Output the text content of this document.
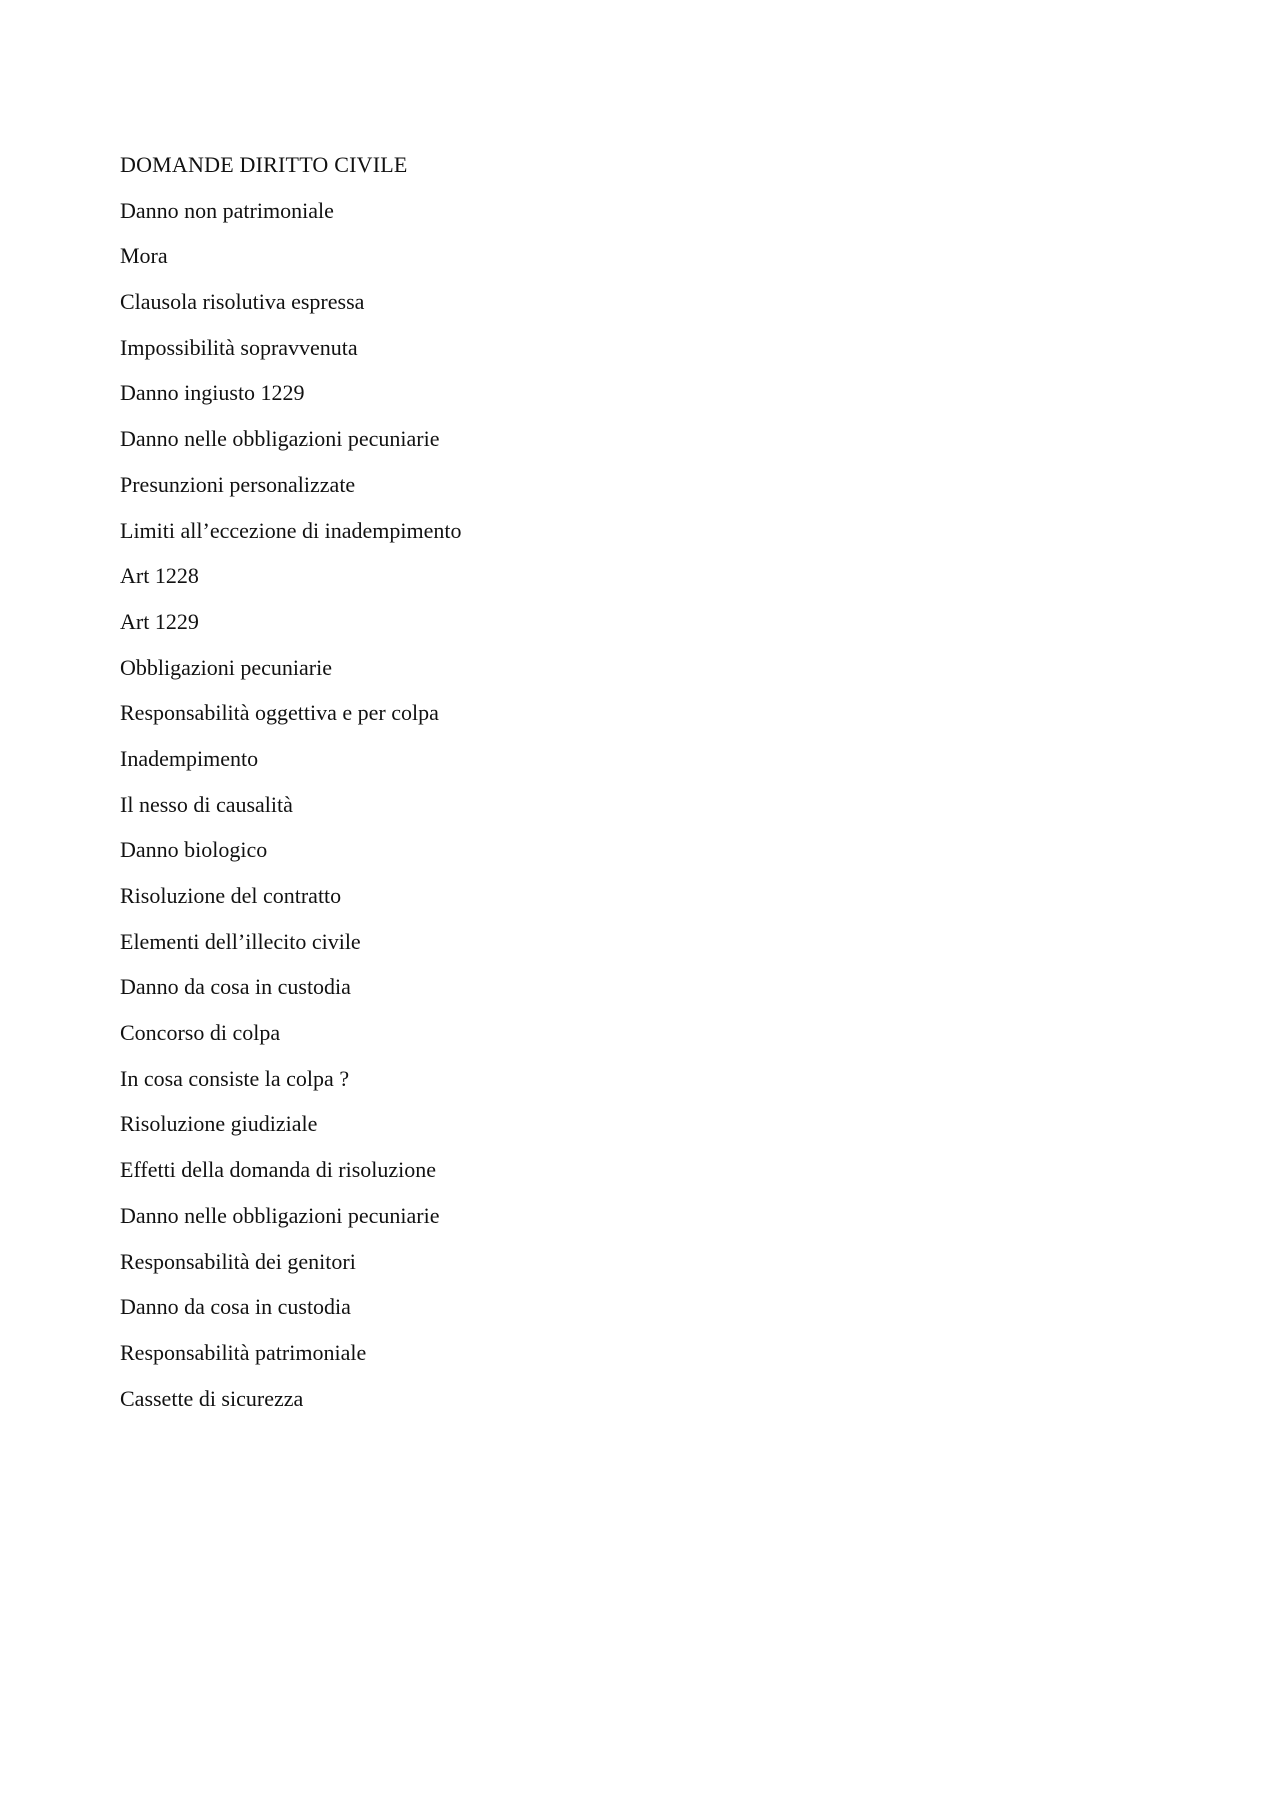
DOMANDE DIRITTO CIVILE
Danno non patrimoniale
Mora
Clausola risolutiva espressa
Impossibilità sopravvenuta
Danno ingiusto 1229
Danno nelle obbligazioni pecuniarie
Presunzioni personalizzate
Limiti all’eccezione di inadempimento
Art 1228
Art 1229
Obbligazioni pecuniarie
Responsabilità oggettiva e per colpa
Inadempimento
Il nesso di causalità
Danno biologico
Risoluzione del contratto
Elementi dell’illecito civile
Danno da cosa in custodia
Concorso di colpa
In cosa consiste la colpa ?
Risoluzione giudiziale
Effetti della domanda di risoluzione
Danno nelle obbligazioni pecuniarie
Responsabilità dei genitori
Danno da cosa in custodia
Responsabilità patrimoniale
Cassette di sicurezza
